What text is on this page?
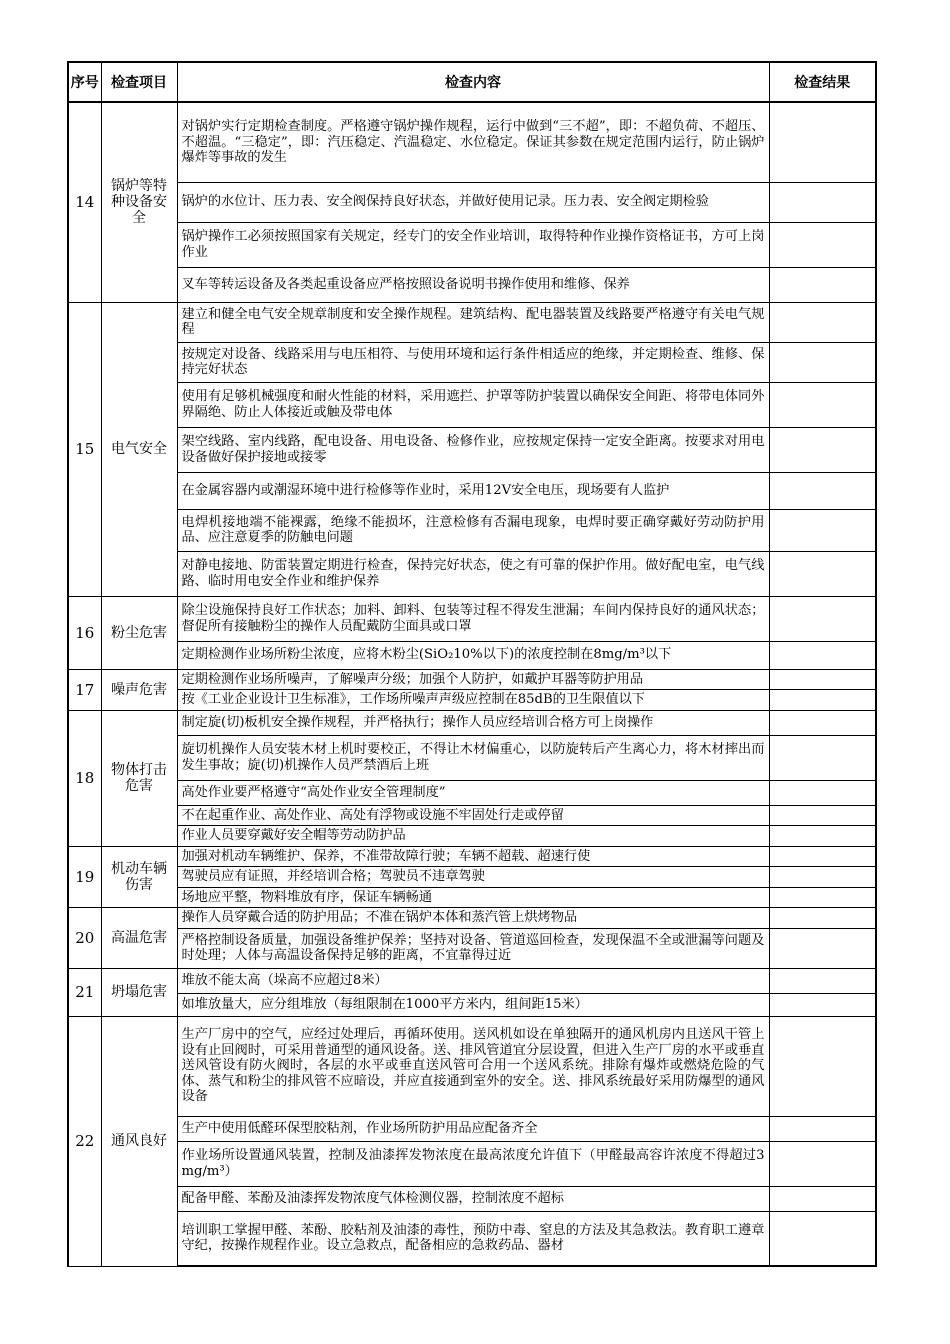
序号	检查项目	检查内容	检查结果
14	锅炉等特种设备安全	对锅炉实行定期检查制度。严格遵守锅炉操作规程，运行中做到“三不超”，即：不超负荷、不超压、不超温。“三稳定”，即：汽压稳定、汽温稳定、水位稳定。保证其参数在规定范围内运行，防止锅炉爆炸等事故的发生	
		锅炉的水位计、压力表、安全阀保持良好状态，并做好使用记录。压力表、安全阀定期检验	
		锅炉操作工必须按照国家有关规定，经专门的安全作业培训，取得特种作业操作资格证书，方可上岗作业	
		叉车等转运设备及各类起重设备应严格按照设备说明书操作使用和维修、保养	
15	电气安全	建立和健全电气安全规章制度和安全操作规程。建筑结构、配电器装置及线路要严格遵守有关电气规程	
		按规定对设备、线路采用与电压相符、与使用环境和运行条件相适应的绝缘，并定期检查、维修、保持完好状态	
		使用有足够机械强度和耐火性能的材料，采用遮拦、护罩等防护装置以确保安全间距、将带电体同外界隔绝、防止人体接近或触及带电体	
		架空线路、室内线路，配电设备、用电设备、检修作业，应按规定保持一定安全距离。按要求对用电设备做好保护接地或接零	
		在金属容器内或潮湿环境中进行检修等作业时，采用12V安全电压，现场要有人监护	
		电焊机接地端不能裸露，绝缘不能损坏，注意检修有否漏电现象，电焊时要正确穿戴好劳动防护用品、应注意夏季的防触电问题	
		对静电接地、防雷装置定期进行检查，保持完好状态，使之有可靠的保护作用。做好配电室，电气线路、临时用电安全作业和维护保养	
16	粉尘危害	除尘设施保持良好工作状态；加料、卸料、包装等过程不得发生泄漏；车间内保持良好的通风状态；督促所有接触粉尘的操作人员配戴防尘面具或口罩	
		定期检测作业场所粉尘浓度，应将木粉尘(SiO₂10%以下)的浓度控制在8mg/m³以下	
17	噪声危害	定期检测作业场所噪声，了解噪声分级；加强个人防护，如戴护耳器等防护用品	
		按《工业企业设计卫生标准》，工作场所噪声声级应控制在85dB的卫生限值以下	
18	物体打击危害	制定旋(切)板机安全操作规程，并严格执行；操作人员应经培训合格方可上岗操作	
		旋切机操作人员安装木材上机时要校正，不得让木材偏重心，以防旋转后产生离心力，将木材摔出而发生事故；旋(切)机操作人员严禁酒后上班	
		高处作业要严格遵守“高处作业安全管理制度”	
		不在起重作业、高处作业、高处有浮物或设施不牢固处行走或停留	
		作业人员要穿戴好安全帽等劳动防护品	
19	机动车辆伤害	加强对机动车辆维护、保养，不准带故障行驶；车辆不超载、超速行使	
		驾驶员应有证照，并经培训合格；驾驶员不违章驾驶	
		场地应平整，物料堆放有序，保证车辆畅通	
20	高温危害	操作人员穿戴合适的防护用品；不准在锅炉本体和蒸汽管上烘烤物品	
		严格控制设备质量，加强设备维护保养；坚持对设备、管道巡回检查，发现保温不全或泄漏等问题及时处理；人体与高温设备保持足够的距离，不宜靠得过近	
21	坍塌危害	堆放不能太高（垛高不应超过8米）	
		如堆放量大，应分组堆放（每组限制在1000平方米内，组间距15米）	
22	通风良好	生产厂房中的空气，应经过处理后，再循环使用。送风机如设在单独隔开的通风机房内且送风干管上设有止回阀时，可采用普通型的通风设备。送、排风管道宜分层设置，但进入生产厂房的水平或垂直送风管设有防火阀时，各层的水平或垂直送风管可合用一个送风系统。排除有爆炸或燃烧危险的气体、蒸气和粉尘的排风管不应暗设，并应直接通到室外的安全。送、排风系统最好采用防爆型的通风设备	
		生产中使用低醛环保型胶粘剂，作业场所防护用品应配备齐全	
		作业场所设置通风装置，控制及油漆挥发物浓度在最高浓度允许值下（甲醛最高容许浓度不得超过3 mg/m³）	
		配备甲醛、苯酚及油漆挥发物浓度气体检测仪器，控制浓度不超标	
		培训职工掌握甲醛、苯酚、胶粘剂及油漆的毒性，预防中毒、窒息的方法及其急救法。教育职工遵章守纪，按操作规程作业。设立急救点，配备相应的急救药品、器材	
